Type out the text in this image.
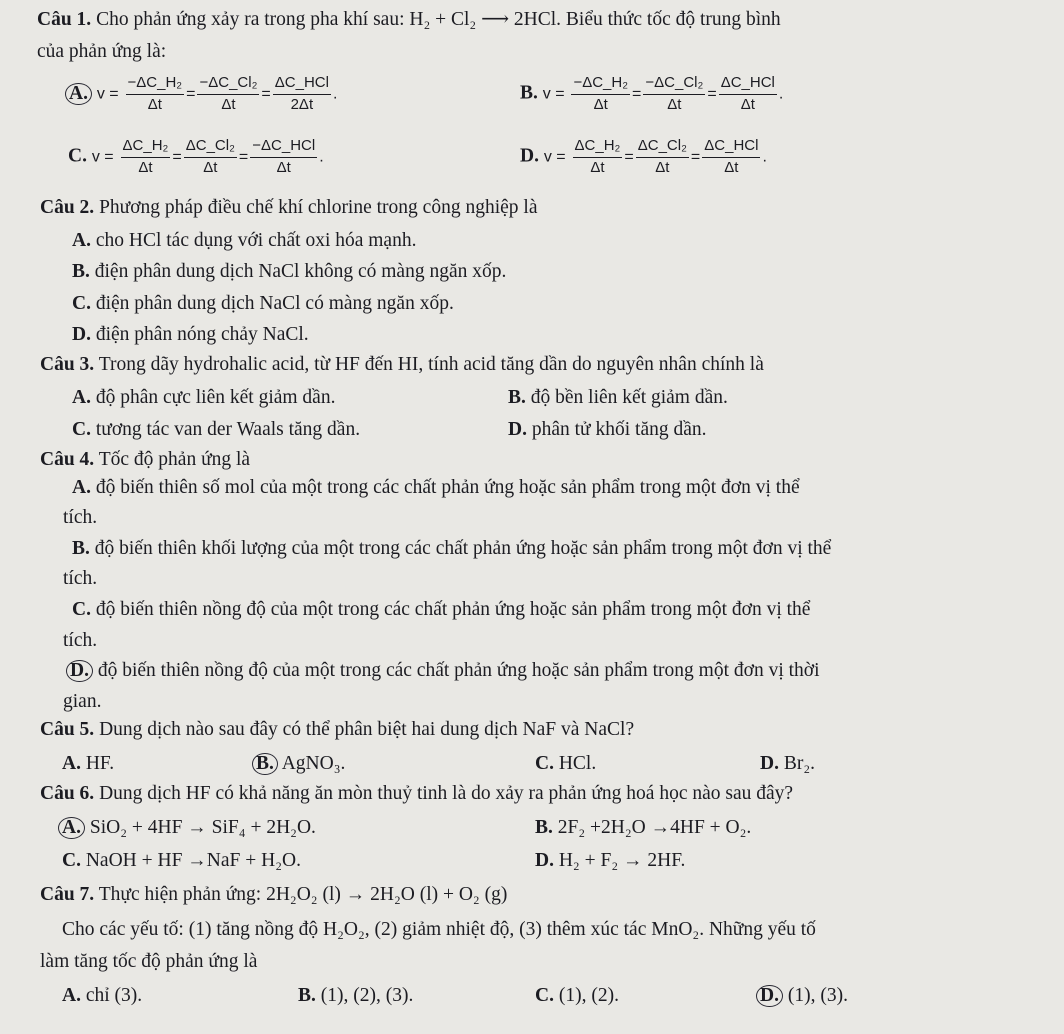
Câu 1. Cho phản ứng xảy ra trong pha khí sau: H₂ + Cl₂ ⟶ 2HCl. Biểu thức tốc độ trung bình
của phản ứng là:
A. $v = \frac{\text{−ΔC\_H₂}}{\Delta t} = \frac{\text{−ΔC\_Cl₂}}{\Delta t} = \frac{\text{ΔC\_HCl}}{2\Delta t}$ .	B. $v = \frac{\text{−ΔC\_H₂}}{\Delta t} = \frac{\text{−ΔC\_Cl₂}}{\Delta t} = \frac{\text{ΔC\_HCl}}{\Delta t}$ .
C. $v = \frac{\text{ΔC\_H₂}}{\Delta t} = \frac{\text{ΔC\_Cl₂}}{\Delta t} = \frac{\text{−ΔC\_HCl}}{\Delta t}$ .	D. $v = \frac{\text{ΔC\_H₂}}{\Delta t} = \frac{\text{ΔC\_Cl₂}}{\Delta t} = \frac{\text{ΔC\_HCl}}{\Delta t}$ .
Câu 2. Phương pháp điều chế khí chlorine trong công nghiệp là
A. cho HCl tác dụng với chất oxi hóa mạnh.
B. điện phân dung dịch NaCl không có màng ngăn xốp.
C. điện phân dung dịch NaCl có màng ngăn xốp.
D. điện phân nóng chảy NaCl.
Câu 3. Trong dãy hydrohalic acid, từ HF đến HI, tính acid tăng dần do nguyên nhân chính là
A. độ phân cực liên kết giảm dần.	B. độ bền liên kết giảm dần.
C. tương tác van der Waals tăng dần.	D. phân tử khối tăng dần.
Câu 4. Tốc độ phản ứng là
A. độ biến thiên số mol của một trong các chất phản ứng hoặc sản phẩm trong một đơn vị thể
tích.
B. độ biến thiên khối lượng của một trong các chất phản ứng hoặc sản phẩm trong một đơn vị thể
tích.
C. độ biến thiên nồng độ của một trong các chất phản ứng hoặc sản phẩm trong một đơn vị thể
tích.
D. độ biến thiên nồng độ của một trong các chất phản ứng hoặc sản phẩm trong một đơn vị thời
gian.
Câu 5. Dung dịch nào sau đây có thể phân biệt hai dung dịch NaF và NaCl?
A. HF.	B. AgNO₃.	C. HCl.	D. Br₂.
Câu 6. Dung dịch HF có khả năng ăn mòn thuỷ tinh là do xảy ra phản ứng hoá học nào sau đây?
A. SiO₂ + 4HF → SiF₄ + 2H₂O.	B. 2F₂ +2H₂O →4HF + O₂.
C. NaOH + HF →NaF + H₂O.	D. H₂ + F₂ → 2HF.
Câu 7. Thực hiện phản ứng: 2H₂O₂ (l) → 2H₂O (l) + O₂ (g)
Cho các yếu tố: (1) tăng nồng độ H₂O₂, (2) giảm nhiệt độ, (3) thêm xúc tác MnO₂. Những yếu tố
làm tăng tốc độ phản ứng là
A. chỉ (3).	B. (1), (2), (3).	C. (1), (2).	D. (1), (3).
